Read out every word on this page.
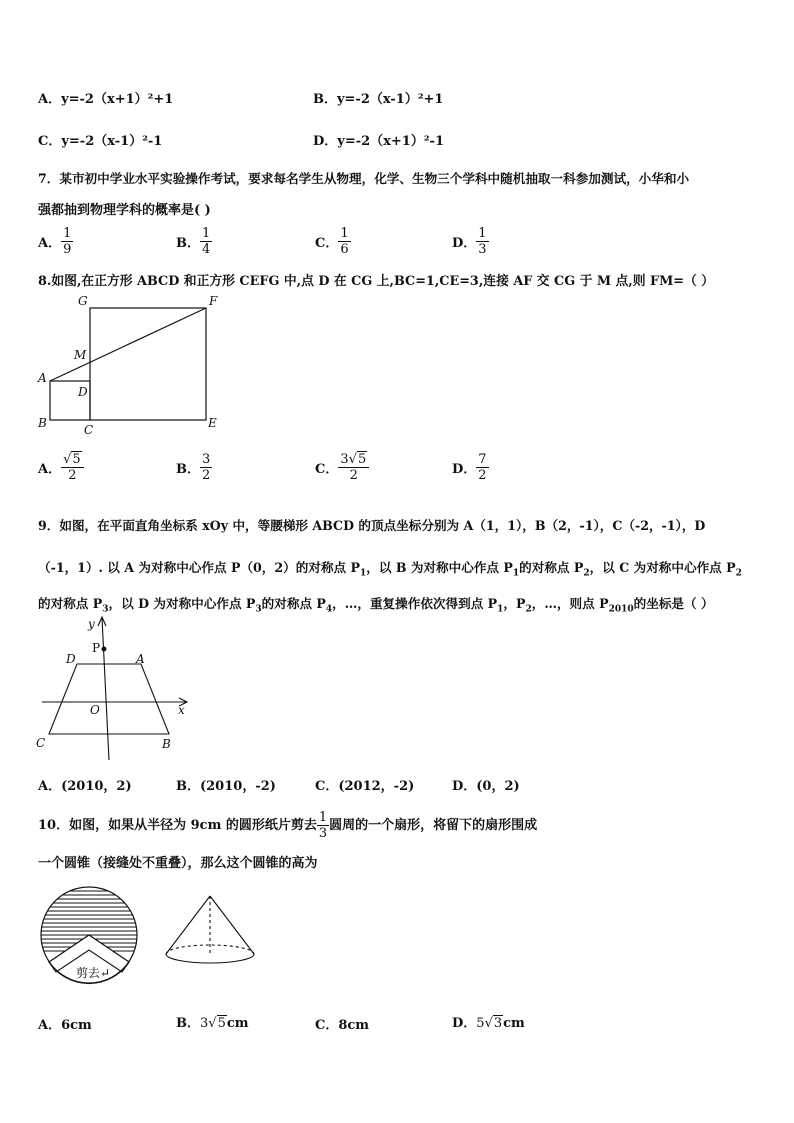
A．y=-2（x+1）²+1	B．y=-2（x-1）²+1
C．y=-2（x-1）²-1	D．y=-2（x+1）²-1
7．某市初中学业水平实验操作考试，要求每名学生从物理，化学、生物三个学科中随机抽取一科参加测试，小华和小
强都抽到物理学科的概率是( )
A． $\frac{1}{9}$	B． $\frac{1}{4}$	C． $\frac{1}{6}$	D． $\frac{1}{3}$
8.如图,在正方形 ABCD 和正方形 CEFG 中,点 D 在 CG 上,BC=1,CE=3,连接 AF 交 CG 于 M 点,则 FM=（ ）
G	F
M
A
D
B	C	E
A． $\frac{√5}{2}$	B． $\frac{3}{2}$	C． $\frac{3√5}{2}$	D． $\frac{7}{2}$
9．如图，在平面直角坐标系 xOy 中，等腰梯形 ABCD 的顶点坐标分别为 A（1，1），B（2，-1），C（-2，-1），D
（-1，1）. 以 A 为对称中心作点 P（0，2）的对称点 $P_1$，以 B 为对称中心作点 $P_1$的对称点 $P_2$，以 C 为对称中心作点 $P_2$
的对称点 $P_3$，以 D 为对称中心作点 $P_3$的对称点 $P_4$，…，重复操作依次得到点 $P_1$，$P_2$，…，则点 $P_{2010}$的坐标是（ ）
y
P
D	A
O	x
C	B
A．(2010，2)	B．(2010，-2)	C．(2012，-2)	D．(0，2)
10．如图，如果从半径为 9cm 的圆形纸片剪去 $\frac{1}{3}$ 圆周的一个扇形，将留下的扇形围成
一个圆锥（接缝处不重叠），那么这个圆锥的高为
剪去↵
A．6cm	B．3√5cm	C．8cm	D．5√3cm
